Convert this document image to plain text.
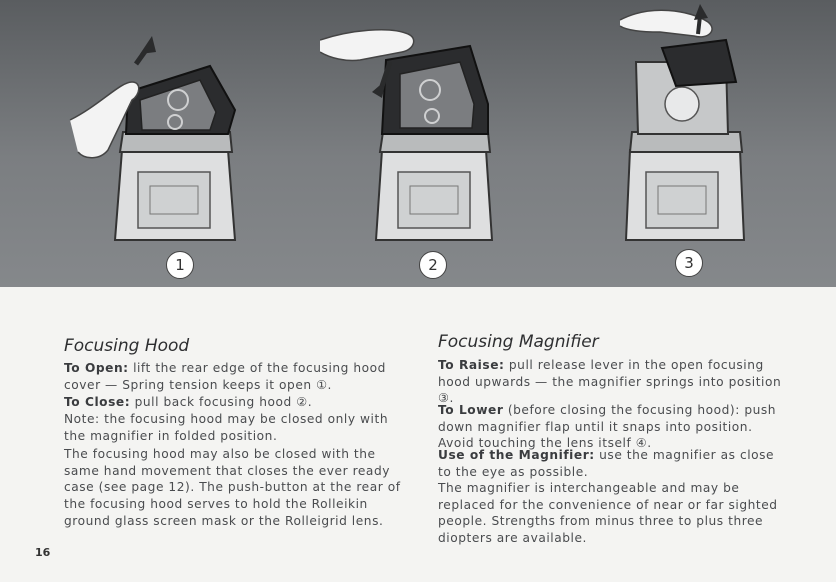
1	2	3
Focusing Hood

To Open: lift the rear edge of the focusing hood cover — Spring tension keeps it open ①.

To Close: pull back focusing hood ②.

Note: the focusing hood may be closed only with the magnifier in folded position.

The focusing hood may also be closed with the same hand movement that closes the ever ready case (see page 12). The push-button at the rear of the focusing hood serves to hold the Rolleikin ground glass screen mask or the Rolleigrid lens.

Focusing Magnifier

To Raise: pull release lever in the open focusing hood upwards — the magnifier springs into position ③.

To Lower (before closing the focusing hood): push down magnifier flap until it snaps into position. Avoid touching the lens itself ④.

Use of the Magnifier: use the magnifier as close to the eye as possible.

The magnifier is interchangeable and may be replaced for the convenience of near or far sighted people. Strengths from minus three to plus three diopters are available.

16
